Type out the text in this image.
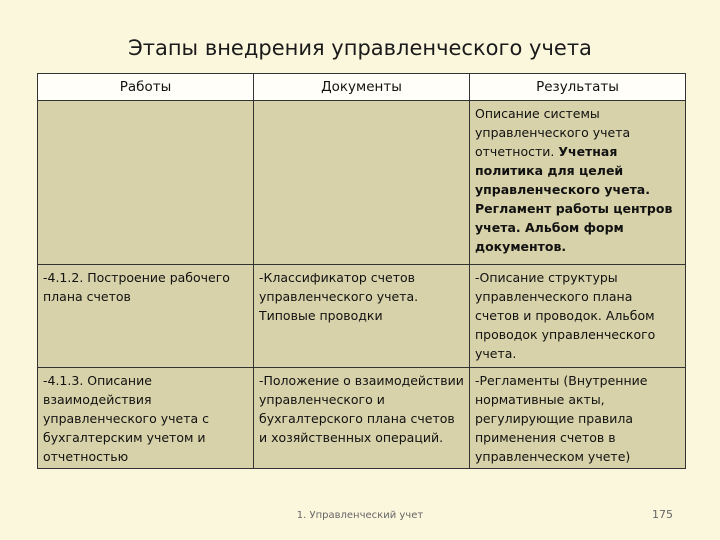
Этапы внедрения управленческого учета
Работы	Документы	Результаты
		Описание системы управленческого учета отчетности. Учетная политика для целей управленческого учета. Регламент работы центров учета. Альбом форм документов.
-4.1.2. Построение рабочего плана счетов	-Классификатор счетов управленческого учета. Типовые проводки	-Описание структуры управленческого плана счетов и проводок. Альбом проводок управленческого учета.
-4.1.3. Описание взаимодействия управленческого учета с бухгалтерским учетом и отчетностью	-Положение о взаимодействии управленческого и бухгалтерского плана счетов и хозяйственных операций.	-Регламенты (Внутренние нормативные акты, регулирующие правила применения счетов в управленческом учете)
1. Управленческий учет	175
